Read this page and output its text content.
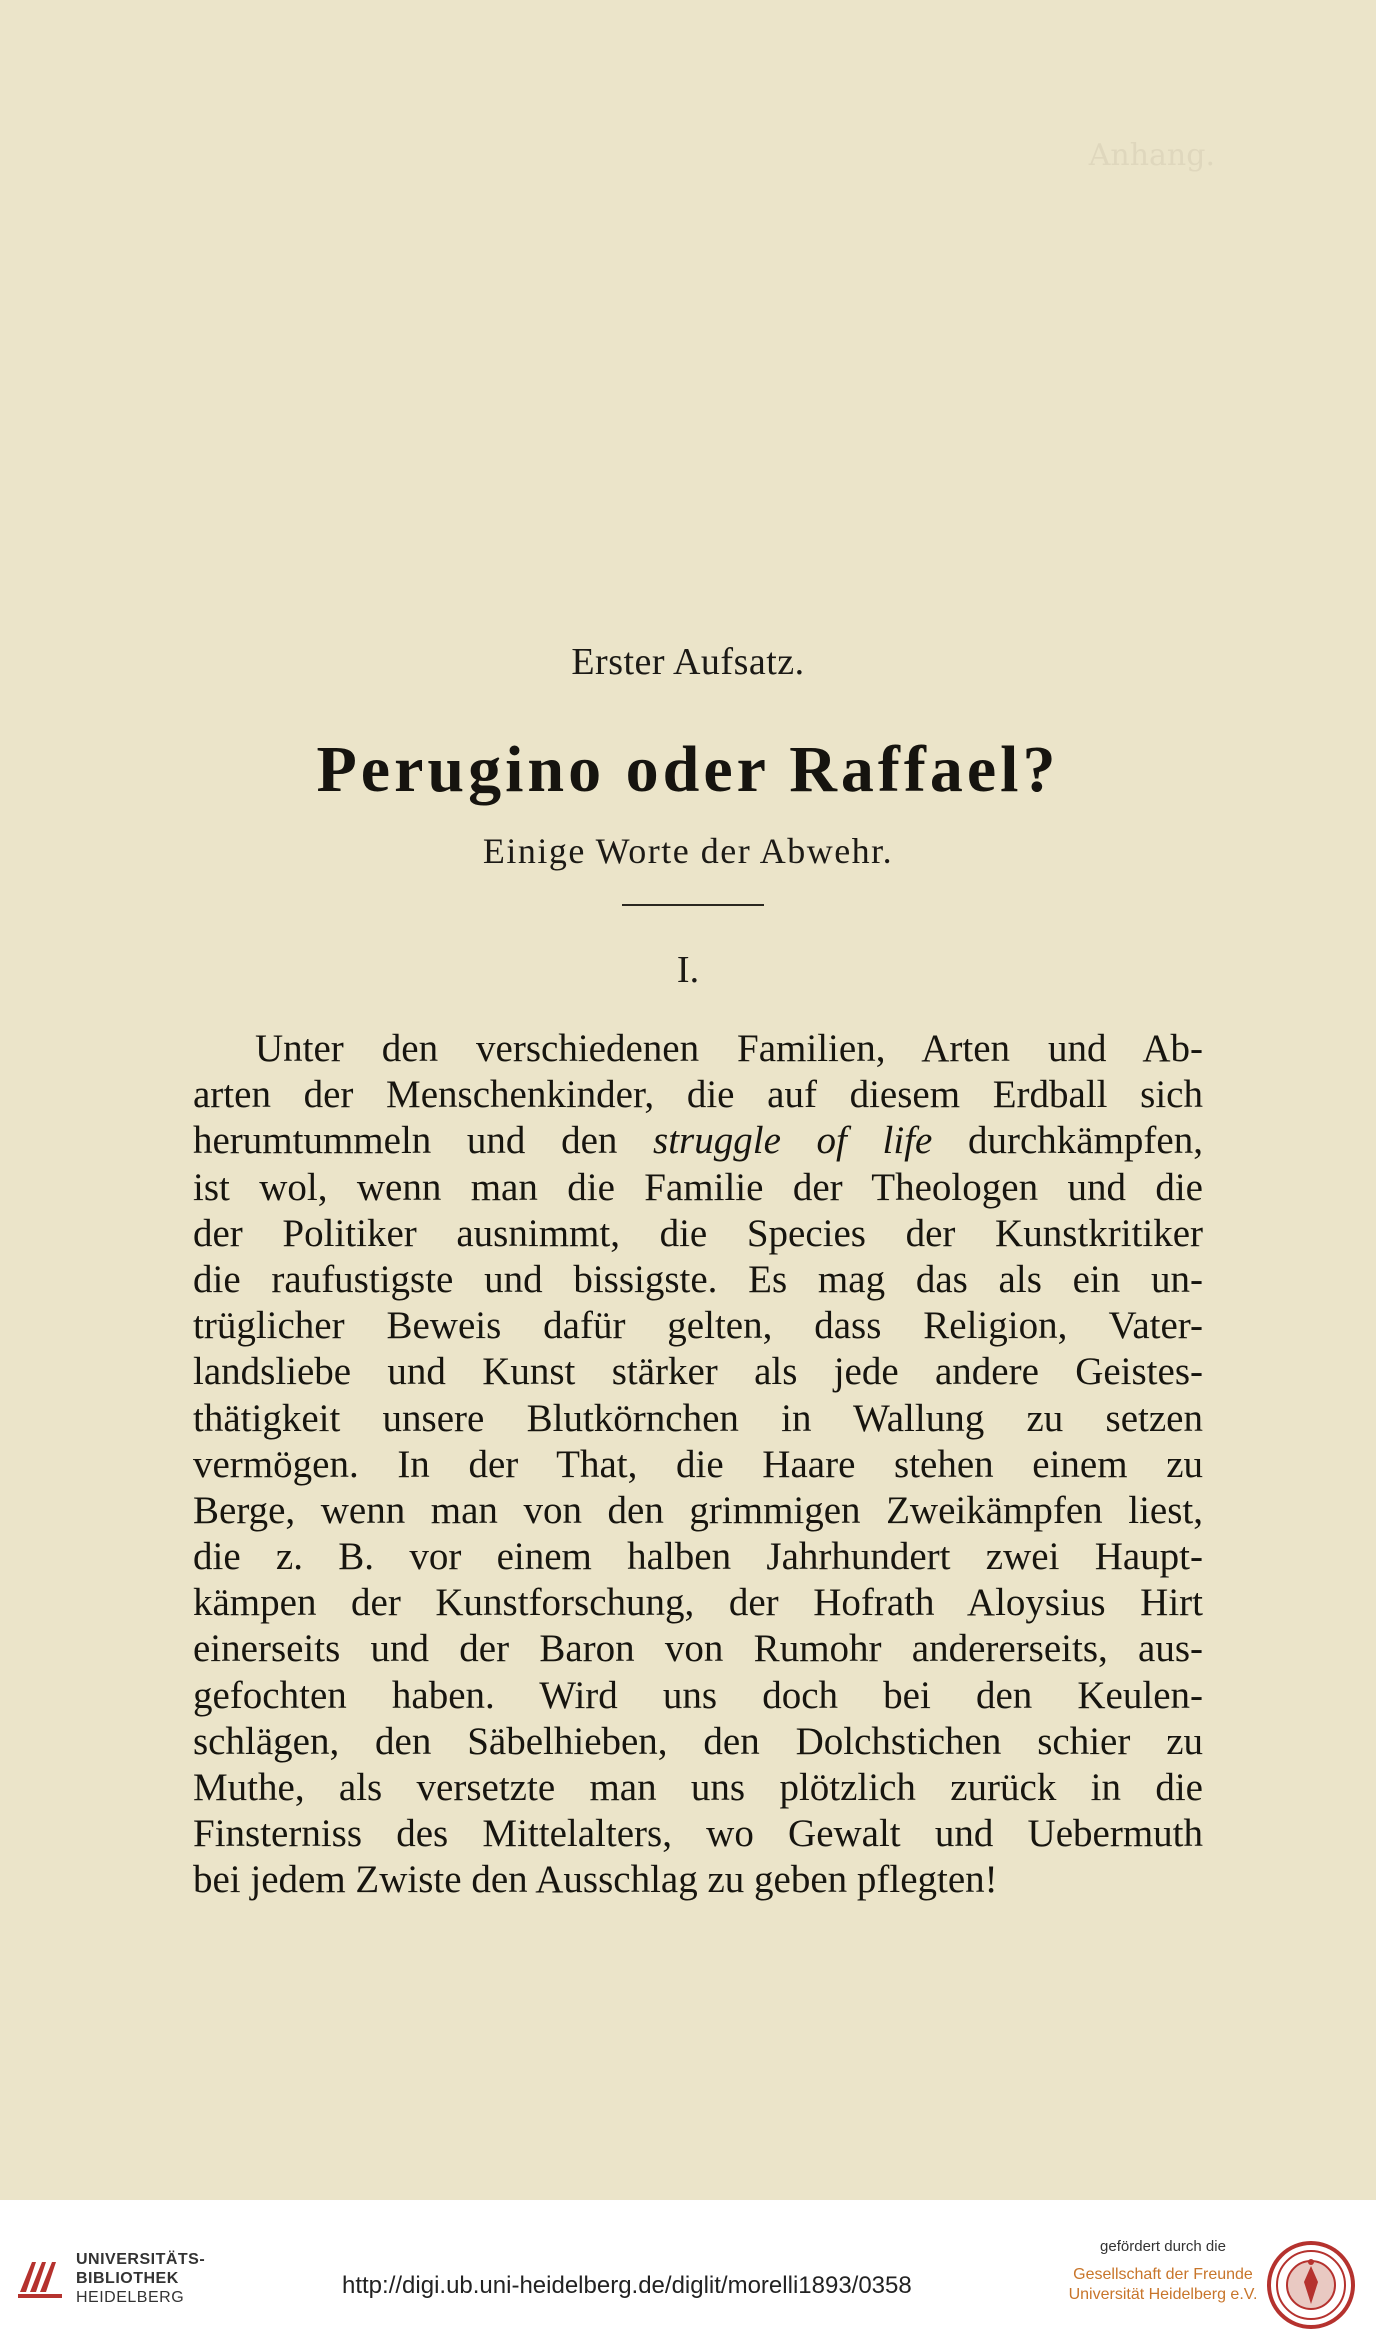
Anhang.
Erster Aufsatz.
Perugino oder Raffael?
Einige Worte der Abwehr.
I.
Unter den verschiedenen Familien, Arten und Ab-
arten der Menschenkinder, die auf diesem Erdball sich
herumtummeln und den struggle of life durchkämpfen,
ist wol, wenn man die Familie der Theologen und die
der Politiker ausnimmt, die Species der Kunstkritiker
die raufustigste und bissigste. Es mag das als ein un-
trüglicher Beweis dafür gelten, dass Religion, Vater-
landsliebe und Kunst stärker als jede andere Geistes-
thätigkeit unsere Blutkörnchen in Wallung zu setzen
vermögen. In der That, die Haare stehen einem zu
Berge, wenn man von den grimmigen Zweikämpfen liest,
die z. B. vor einem halben Jahrhundert zwei Haupt-
kämpen der Kunstforschung, der Hofrath Aloysius Hirt
einerseits und der Baron von Rumohr andererseits, aus-
gefochten haben. Wird uns doch bei den Keulen-
schlägen, den Säbelhieben, den Dolchstichen schier zu
Muthe, als versetzte man uns plötzlich zurück in die
Finsterniss des Mittelalters, wo Gewalt und Uebermuth
bei jedem Zwiste den Ausschlag zu geben pflegten!
UNIVERSITÄTS-
BIBLIOTHEK
HEIDELBERG	http://digi.ub.uni-heidelberg.de/diglit/morelli1893/0358
gefördert durch die
Gesellschaft der Freunde
Universität Heidelberg e.V.
